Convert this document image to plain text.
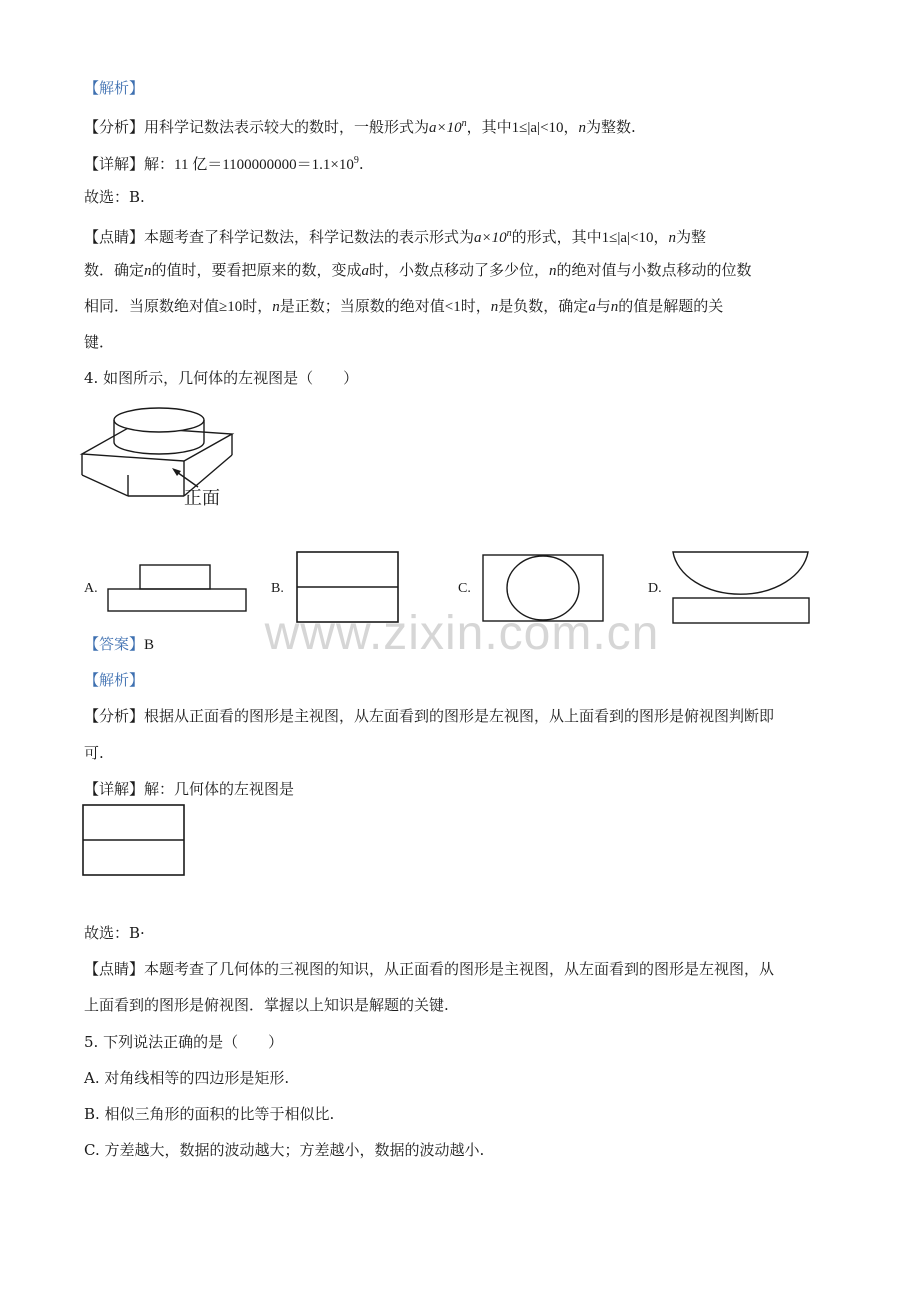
【解析】
【分析】用科学记数法表示较大的数时，一般形式为$a\times 10^n$，其中1≤|a|<10，n为整数.
【详解】解：11 亿$=1100000000=1.1\times 10^9$.
故选：B.
【点睛】本题考查了科学记数法，科学记数法的表示形式为$a\times 10^n$的形式，其中1≤|a|<10，n为整
数．确定n的值时，要看把原来的数，变成a时，小数点移动了多少位，n的绝对值与小数点移动的位数
相同．当原数绝对值≥10时，n是正数；当原数的绝对值<1时，n是负数，确定a与n的值是解题的关
键．
4. 如图所示，几何体的左视图是（　　）
正面
A.	B.	C.	D.
www.zixin.com.cn
【答案】B
【解析】
【分析】根据从正面看的图形是主视图，从左面看到的图形是左视图，从上面看到的图形是俯视图判断即
可.
【详解】解：几何体的左视图是
故选：B·
【点睛】本题考查了几何体的三视图的知识，从正面看的图形是主视图，从左面看到的图形是左视图，从
上面看到的图形是俯视图．掌握以上知识是解题的关键.
5. 下列说法正确的是（　　）
A. 对角线相等的四边形是矩形.
B. 相似三角形的面积的比等于相似比.
C. 方差越大，数据的波动越大；方差越小，数据的波动越小.
